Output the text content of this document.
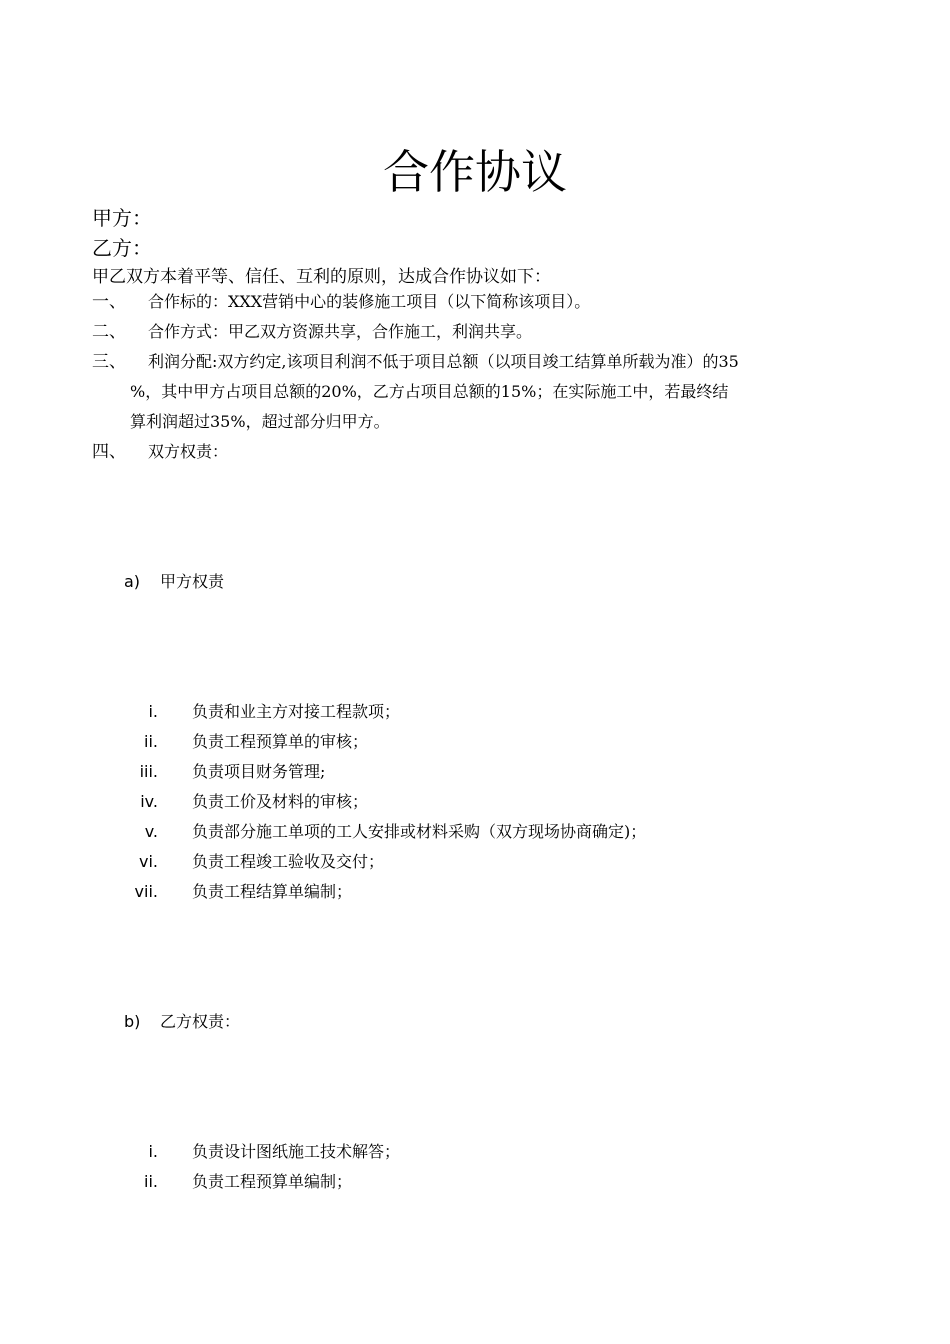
合作协议
甲方：
乙方：
甲乙双方本着平等、信任、互利的原则，达成合作协议如下：
一、 合作标的：XXX营销中心的装修施工项目（以下简称该项目）。
二、 合作方式：甲乙双方资源共享，合作施工，利润共享。
三、 利润分配:双方约定,该项目利润不低于项目总额（以项目竣工结算单所载为准）的35
%，其中甲方占项目总额的20%，乙方占项目总额的15%；在实际施工中，若最终结
算利润超过35%，超过部分归甲方。
四、 双方权责：
a) 甲方权责
i. 负责和业主方对接工程款项；
ii. 负责工程预算单的审核；
iii. 负责项目财务管理;
iv. 负责工价及材料的审核；
v. 负责部分施工单项的工人安排或材料采购（双方现场协商确定)；
vi. 负责工程竣工验收及交付；
vii. 负责工程结算单编制；
b) 乙方权责：
i. 负责设计图纸施工技术解答；
ii. 负责工程预算单编制；
